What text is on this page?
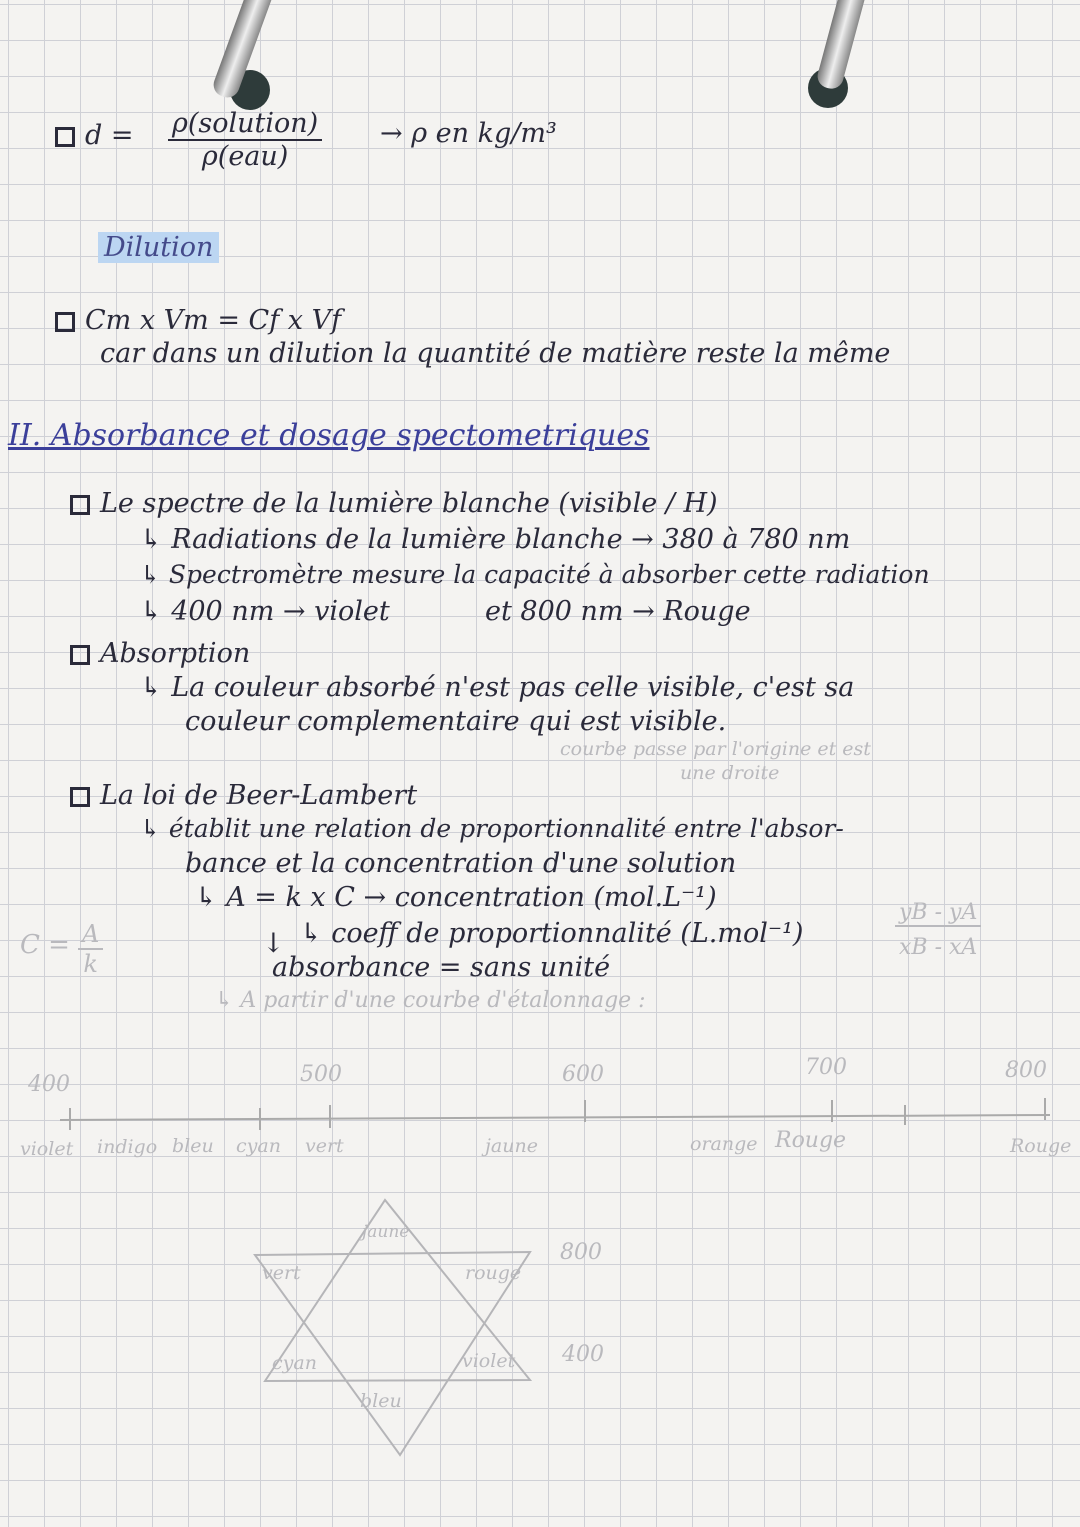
d = ρ(solution)
ρ(eau)
→ ρ en kg/m³
Dilution
Cm x Vm = Cf x Vf
car dans un dilution la quantité de matière reste la même
II. Absorbance et dosage spectometriques
Le spectre de la lumière blanche (visible / H)
↳ Radiations de la lumière blanche → 380 à 780 nm
↳ Spectromètre mesure la capacité à absorber cette radiation
↳ 400 nm → violet	et 800 nm → Rouge
Absorption
↳ La couleur absorbé n'est pas celle visible, c'est sa
couleur complementaire qui est visible.
courbe passe par l'origine et est
une droite
La loi de Beer-Lambert
↳ établit une relation de proportionnalité entre l'absor-
bance et la concentration d'une solution
↳ A = k x C → concentration (mol.L⁻¹)
↳ coeff de proportionnalité (L.mol⁻¹)
↓
absorbance = sans unité
$C = \frac{A}{k}$	$\frac{yB - yA}{xB - xA}$
↳ A partir d'une courbe d'étalonnage :
400	500	600	700	800
violet indigo bleu cyan vert	jaune	orange Rouge	Rouge
jaune
vert	rouge
cyan	violet
bleu
800
400
